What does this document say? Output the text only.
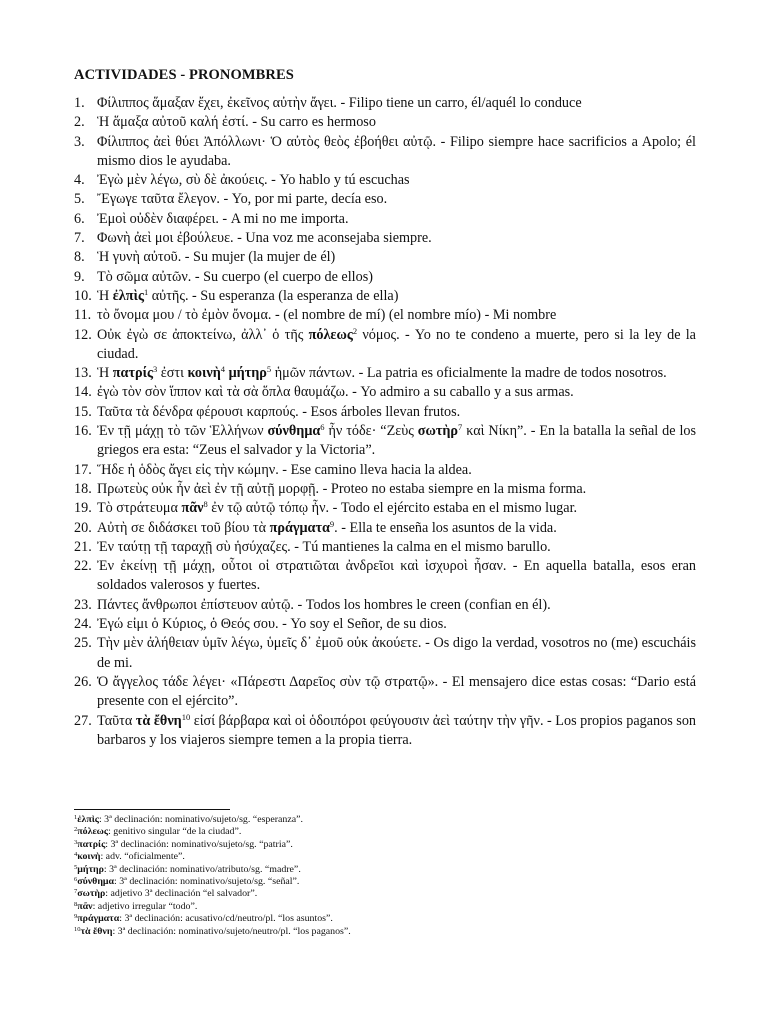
ACTIVIDADES - PRONOMBRES
1. Φίλιππος ἅμαξαν ἔχει, ἐκεῖνος αὐτὴν ἄγει. - Filipo tiene un carro, él/aquél lo conduce
2. Ἡ ἅμαξα αὐτοῦ καλή ἐστί. - Su carro es hermoso
3. Φίλιππος ἀεὶ θύει Ἀπόλλωνι· Ὁ αὐτὸς θεὸς ἐβοήθει αὐτῷ. - Filipo siempre hace sacrificios a Apolo; él mismo dios le ayudaba.
4. Ἐγὼ μὲν λέγω, σὺ δὲ ἀκούεις. - Yo hablo y tú escuchas
5. Ἔγωγε ταῦτα ἔλεγον. - Yo, por mi parte, decía eso.
6. Ἐμοὶ οὐδὲν διαφέρει. - A mi no me importa.
7. Φωνὴ ἀεὶ μοι ἐβούλευε. - Una voz me aconsejaba siempre.
8. Ἡ γυνὴ αὐτοῦ. - Su mujer (la mujer de él)
9. Τὸ σῶμα αὐτῶν. - Su cuerpo (el cuerpo de ellos)
10. Ἡ ἐλπὶς$^1$ αὐτῆς. - Su esperanza (la esperanza de ella)
11. τὸ ὄνομα μου / τὸ ἐμὸν ὄνομα. - (el nombre de mí) (el nombre mío) - Mi nombre
12. Οὐκ ἐγὼ σε ἀποκτείνω, ἀλλ᾽ ὁ τῆς πόλεως$^2$ νόμος. - Yo no te condeno a muerte, pero si la ley de la ciudad.
13. Ἡ πατρίς$^3$ ἐστι κοινὴ$^4$ μήτηρ$^5$ ἡμῶν πάντων. - La patria es oficialmente la madre de todos nosotros.
14. ἐγὼ τὸν σὸν ἵππον καὶ τὰ σὰ ὅπλα θαυμάζω. - Yo admiro a su caballo y a sus armas.
15. Ταῦτα τὰ δένδρα φέρουσι καρπούς. - Esos árboles llevan frutos.
16. Ἐν τῇ μάχῃ τὸ τῶν Ἑλλήνων σύνθημα$^6$ ἦν τόδε· “Ζεὺς σωτὴρ$^7$ καὶ Νίκη”. - En la batalla la señal de los griegos era esta: “Zeus el salvador y la Victoria”.
17. Ἥδε ἡ ὁδὸς ἄγει εἰς τὴν κώμην. - Ese camino lleva hacia la aldea.
18. Πρωτεὺς οὐκ ἦν ἀεὶ ἐν τῇ αὐτῇ μορφῇ. - Proteo no estaba siempre en la misma forma.
19. Τὸ στράτευμα πᾶν$^8$ ἐν τῷ αὐτῷ τόπῳ ἦν. - Todo el ejército estaba en el mismo lugar.
20. Αὐτὴ σε διδάσκει τοῦ βίου τὰ πράγματα$^9$. - Ella te enseña los asuntos de la vida.
21. Ἐν ταύτῃ τῇ ταραχῇ σὺ ἡσύχαζες. - Tú mantienes la calma en el mismo barullo.
22. Ἐν ἐκείνῃ τῇ μάχῃ, οὗτοι οἱ στρατιῶται ἀνδρεῖοι καὶ ἰσχυροὶ ἦσαν. - En aquella batalla, esos eran soldados valerosos y fuertes.
23. Πάντες ἄνθρωποι ἐπίστευον αὐτῷ. - Todos los hombres le creen (confian en él).
24. Ἐγώ εἰμι ὁ Κύριος, ὁ Θεός σου. - Yo soy el Señor, de su dios.
25. Τὴν μὲν ἀλήθειαν ὑμῖν λέγω, ὑμεῖς δ᾽ ἐμοῦ οὐκ ἀκούετε. - Os digo la verdad, vosotros no (me) escucháis de mi.
26. Ὁ ἄγγελος τάδε λέγει· «Πάρεστι Δαρεῖος σὺν τῷ στρατῷ». - El mensajero dice estas cosas: “Dario está presente con el ejército”.
27. Ταῦτα τὰ ἔθνη$^{10}$ εἰσί βάρβαρα καὶ οἱ ὁδοιπόροι φεύγουσιν ἀεὶ ταύτην τὴν γῆν. - Los propios paganos son barbaros y los viajeros siempre temen a la propia tierra.
$^1$ἐλπὶς: 3ª declinación: nominativo/sujeto/sg. “esperanza”.
$^2$πόλεως: genitivo singular “de la ciudad”.
$^3$πατρίς: 3ª declinación: nominativo/sujeto/sg. “patria”.
$^4$κοινὴ: adv. “oficialmente”.
$^5$μήτηρ: 3ª declinación: nominativo/atributo/sg. “madre”.
$^6$σύνθημα: 3ª declinación: nominativo/sujeto/sg. “señal”.
$^7$σωτὴρ: adjetivo 3ª declinación “el salvador”.
$^8$πᾶν: adjetivo irregular “todo”.
$^9$πράγματα: 3ª declinación: acusativo/cd/neutro/pl. “los asuntos”.
$^{10}$τὰ ἔθνη: 3ª declinación: nominativo/sujeto/neutro/pl. “los paganos”.
